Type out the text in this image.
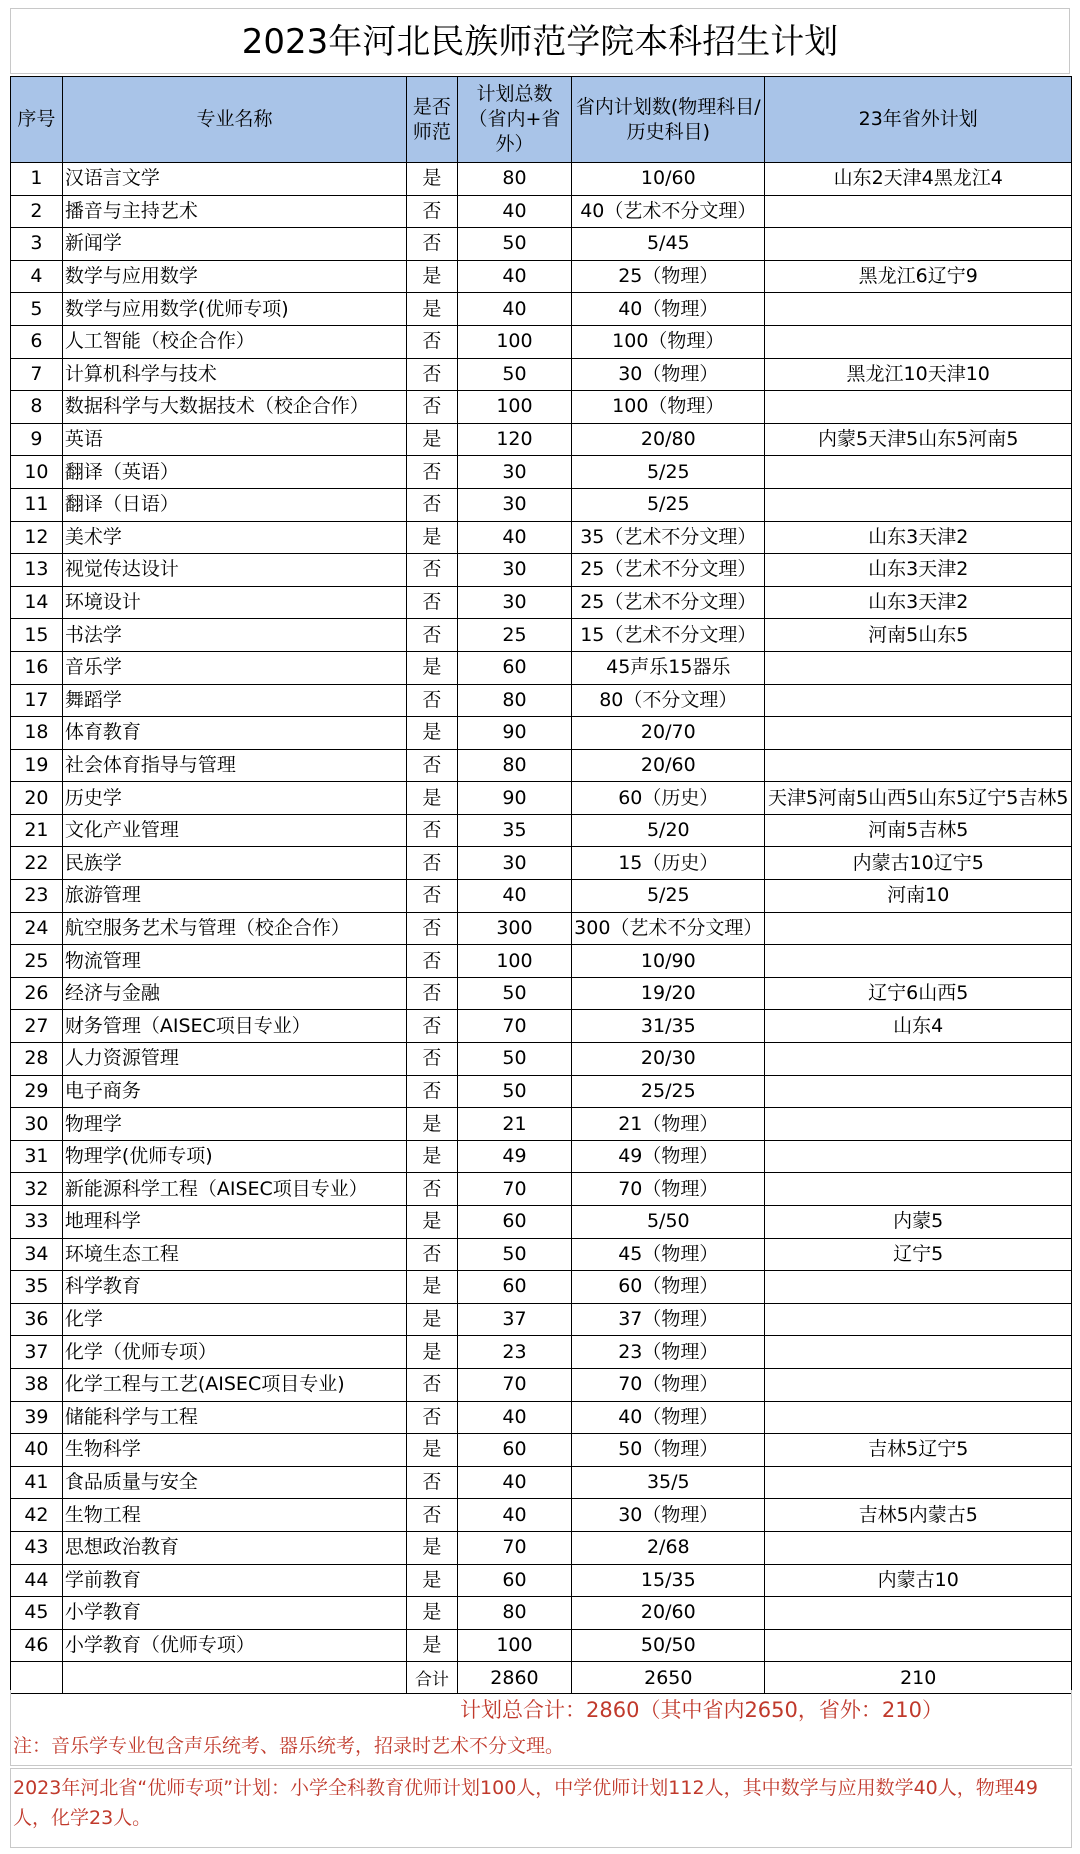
2023年河北民族师范学院本科招生计划
序号	专业名称	是否师范	计划总数（省内+省外）	省内计划数(物理科目/历史科目)	23年省外计划
1	汉语言文学	是	80	10/60	山东2天津4黑龙江4
2	播音与主持艺术	否	40	40（艺术不分文理）	
3	新闻学	否	50	5/45	
4	数学与应用数学	是	40	25（物理）	黑龙江6辽宁9
5	数学与应用数学(优师专项)	是	40	40（物理）	
6	人工智能（校企合作）	否	100	100（物理）	
7	计算机科学与技术	否	50	30（物理）	黑龙江10天津10
8	数据科学与大数据技术（校企合作）	否	100	100（物理）	
9	英语	是	120	20/80	内蒙5天津5山东5河南5
10	翻译（英语）	否	30	5/25	
11	翻译（日语）	否	30	5/25	
12	美术学	是	40	35（艺术不分文理）	山东3天津2
13	视觉传达设计	否	30	25（艺术不分文理）	山东3天津2
14	环境设计	否	30	25（艺术不分文理）	山东3天津2
15	书法学	否	25	15（艺术不分文理）	河南5山东5
16	音乐学	是	60	45声乐15器乐	
17	舞蹈学	否	80	80（不分文理）	
18	体育教育	是	90	20/70	
19	社会体育指导与管理	否	80	20/60	
20	历史学	是	90	60（历史）	天津5河南5山西5山东5辽宁5吉林5
21	文化产业管理	否	35	5/20	河南5吉林5
22	民族学	否	30	15（历史）	内蒙古10辽宁5
23	旅游管理	否	40	5/25	河南10
24	航空服务艺术与管理（校企合作）	否	300	300（艺术不分文理）	
25	物流管理	否	100	10/90	
26	经济与金融	否	50	19/20	辽宁6山西5
27	财务管理（AISEC项目专业）	否	70	31/35	山东4
28	人力资源管理	否	50	20/30	
29	电子商务	否	50	25/25	
30	物理学	是	21	21（物理）	
31	物理学(优师专项)	是	49	49（物理）	
32	新能源科学工程（AISEC项目专业）	否	70	70（物理）	
33	地理科学	是	60	5/50	内蒙5
34	环境生态工程	否	50	45（物理）	辽宁5
35	科学教育	是	60	60（物理）	
36	化学	是	37	37（物理）	
37	化学（优师专项）	是	23	23（物理）	
38	化学工程与工艺(AISEC项目专业)	否	70	70（物理）	
39	储能科学与工程	否	40	40（物理）	
40	生物科学	是	60	50（物理）	吉林5辽宁5
41	食品质量与安全	否	40	35/5	
42	生物工程	否	40	30（物理）	吉林5内蒙古5
43	思想政治教育	是	70	2/68	
44	学前教育	是	60	15/35	内蒙古10
45	小学教育	是	80	20/60	
46	小学教育（优师专项）	是	100	50/50	
		合计	2860	2650	210
注：音乐学专业包含声乐统考、器乐统考，招录时艺术不分文理。
计划总合计：2860（其中省内2650，省外：210）
2023年河北省“优师专项”计划：小学全科教育优师计划100人，中学优师计划112人，其中数学与应用数学40人，物理49人，化学23人。
